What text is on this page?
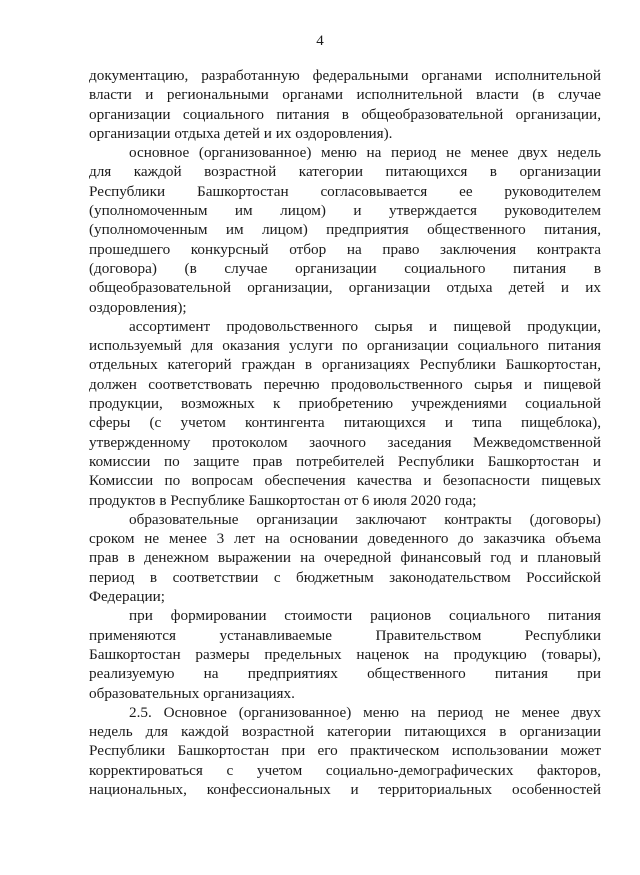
4
документацию, разработанную федеральными органами исполнительной
власти и региональными органами исполнительной власти (в случае
организации социального питания в общеобразовательной организации,
организации отдыха детей и их оздоровления).
основное (организованное) меню на период не менее двух недель
для каждой возрастной категории питающихся в организации
Республики Башкортостан согласовывается ее руководителем
(уполномоченным им лицом) и утверждается руководителем
(уполномоченным им лицом) предприятия общественного питания,
прошедшего конкурсный отбор на право заключения контракта
(договора) (в случае организации социального питания в
общеобразовательной организации, организации отдыха детей и их
оздоровления);
ассортимент продовольственного сырья и пищевой продукции,
используемый для оказания услуги по организации социального питания
отдельных категорий граждан в организациях Республики Башкортостан,
должен соответствовать перечню продовольственного сырья и пищевой
продукции, возможных к приобретению учреждениями социальной
сферы (с учетом контингента питающихся и типа пищеблока),
утвержденному протоколом заочного заседания Межведомственной
комиссии по защите прав потребителей Республики Башкортостан и
Комиссии по вопросам обеспечения качества и безопасности пищевых
продуктов в Республике Башкортостан от 6 июля 2020 года;
образовательные организации заключают контракты (договоры)
сроком не менее 3 лет на основании доведенного до заказчика объема
прав в денежном выражении на очередной финансовый год и плановый
период в соответствии с бюджетным законодательством Российской
Федерации;
при формировании стоимости рационов социального питания
применяются устанавливаемые Правительством Республики
Башкортостан размеры предельных наценок на продукцию (товары),
реализуемую на предприятиях общественного питания при
образовательных организациях.
2.5. Основное (организованное) меню на период не менее двух
недель для каждой возрастной категории питающихся в организации
Республики Башкортостан при его практическом использовании может
корректироваться с учетом социально-демографических факторов,
национальных, конфессиональных и территориальных особенностей
